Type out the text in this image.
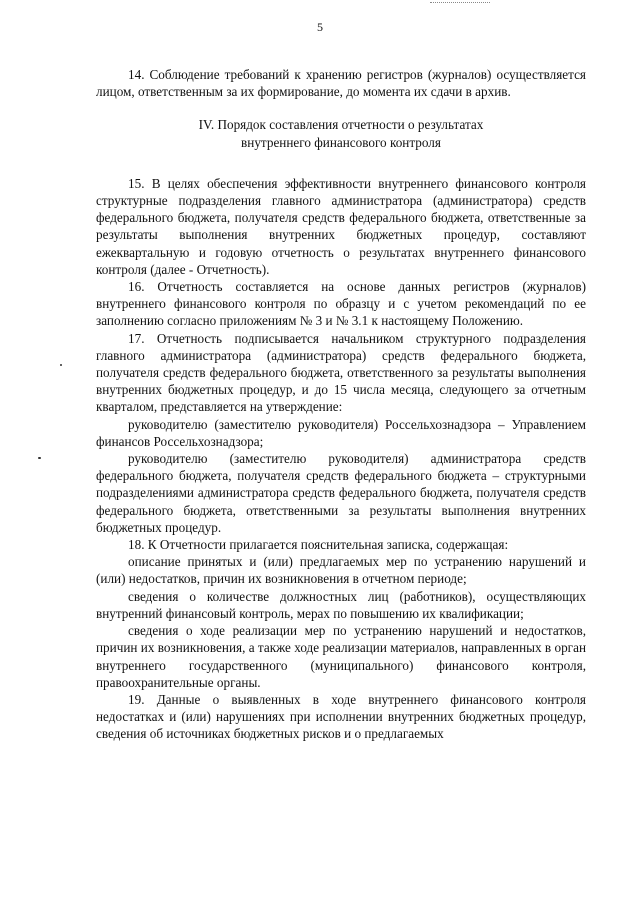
5

14. Соблюдение требований к хранению регистров (журналов) осуществляется лицом, ответственным за их формирование, до момента их сдачи в архив.

IV. Порядок составления отчетности о результатах

внутреннего финансового контроля

15. В целях обеспечения эффективности внутреннего финансового контроля структурные подразделения главного администратора (администратора) средств федерального бюджета, получателя средств федерального бюджета, ответственные за результаты выполнения внутренних бюджетных процедур, составляют ежеквартальную и годовую отчетность о результатах внутреннего финансового контроля (далее - Отчетность).

16. Отчетность составляется на основе данных регистров (журналов) внутреннего финансового контроля по образцу и с учетом рекомендаций по ее заполнению согласно приложениям № 3 и № 3.1 к настоящему Положению.

17. Отчетность подписывается начальником структурного подразделения главного администратора (администратора) средств федерального бюджета, получателя средств федерального бюджета, ответственного за результаты выполнения внутренних бюджетных процедур, и до 15 числа месяца, следующего за отчетным кварталом, представляется на утверждение:

руководителю (заместителю руководителя) Россельхознадзора – Управлением финансов Россельхознадзора;

руководителю (заместителю руководителя) администратора средств федерального бюджета, получателя средств федерального бюджета – структурными подразделениями администратора средств федерального бюджета, получателя средств федерального бюджета, ответственными за результаты выполнения внутренних бюджетных процедур.

18. К Отчетности прилагается пояснительная записка, содержащая:

описание принятых и (или) предлагаемых мер по устранению нарушений и (или) недостатков, причин их возникновения в отчетном периоде;

сведения о количестве должностных лиц (работников), осуществляющих внутренний финансовый контроль, мерах по повышению их квалификации;

сведения о ходе реализации мер по устранению нарушений и недостатков, причин их возникновения, а также ходе реализации материалов, направленных в орган внутреннего государственного (муниципального) финансового контроля, правоохранительные органы.

19. Данные о выявленных в ходе внутреннего финансового контроля недостатках и (или) нарушениях при исполнении внутренних бюджетных процедур, сведения об источниках бюджетных рисков и о предлагаемых
